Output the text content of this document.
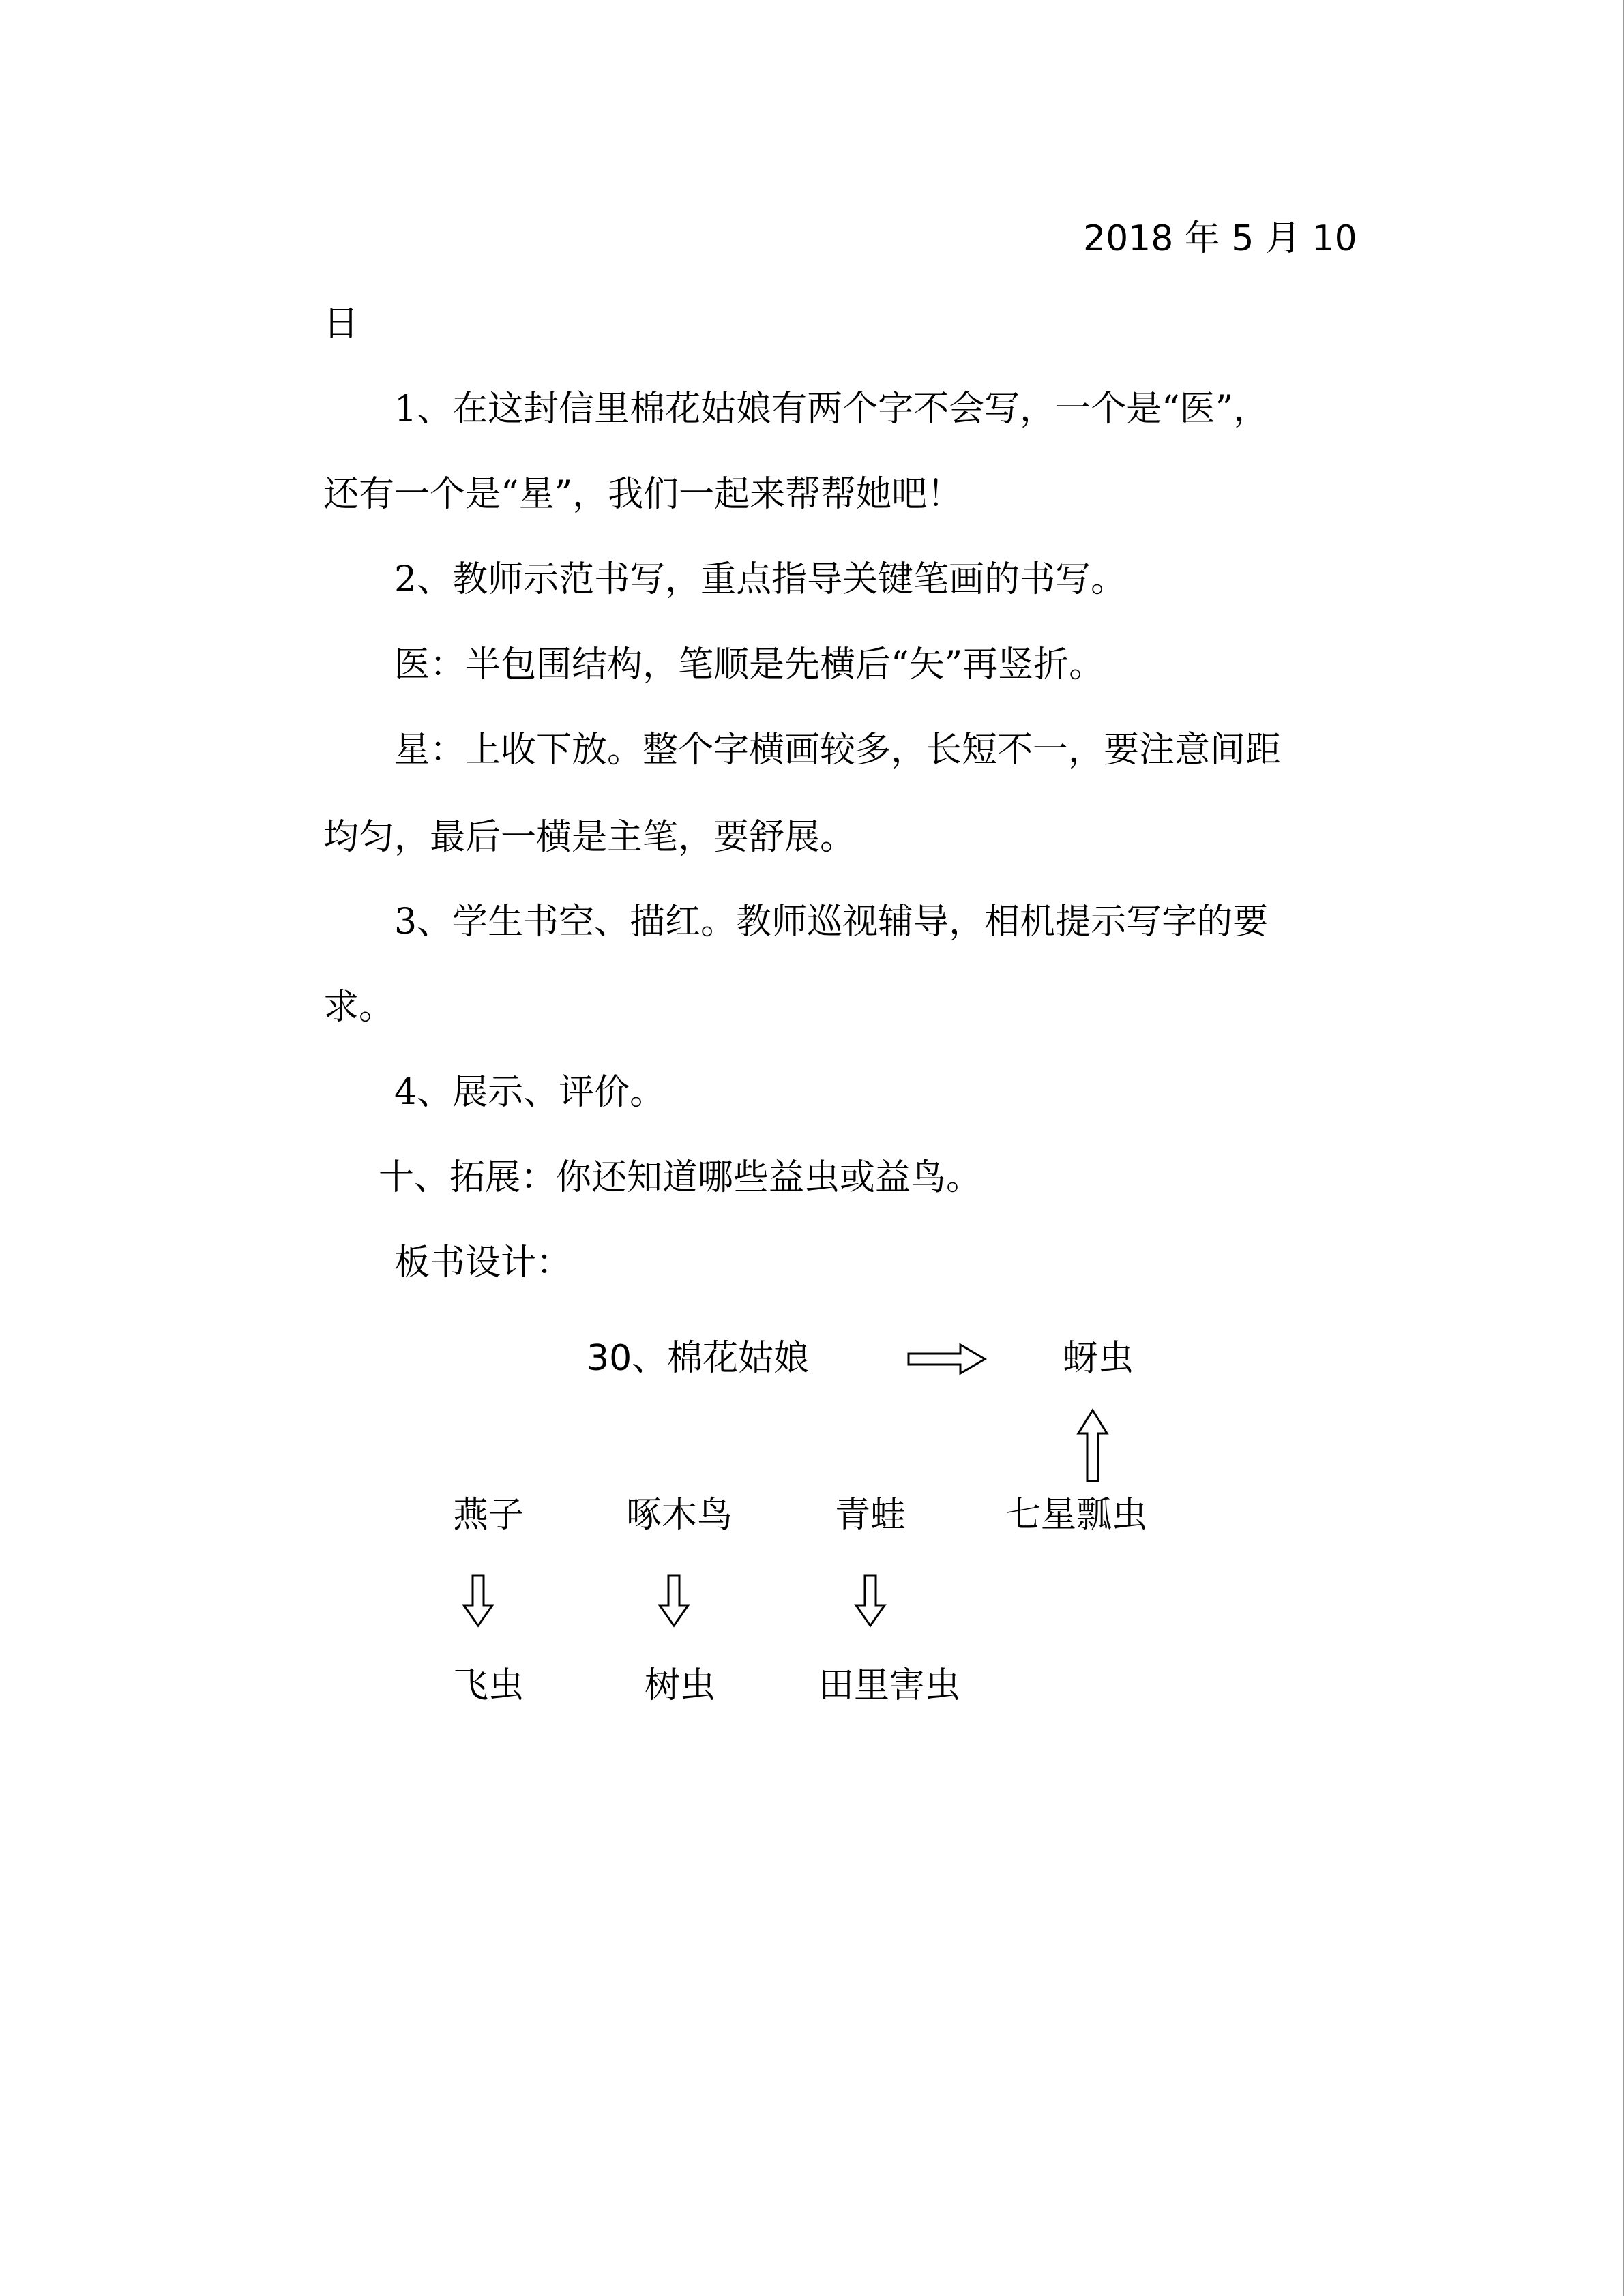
2018 年 5 月 10
日
1、在这封信里棉花姑娘有两个字不会写，一个是“医”，
还有一个是“星”，我们一起来帮帮她吧！
2、教师示范书写，重点指导关键笔画的书写。
医：半包围结构，笔顺是先横后“矢”再竖折。
星：上收下放。整个字横画较多，长短不一，要注意间距
均匀，最后一横是主笔，要舒展。
3、学生书空、描红。教师巡视辅导，相机提示写字的要
求。
4、展示、评价。
十、拓展：你还知道哪些益虫或益鸟。
板书设计：
30、棉花姑娘	蚜虫
燕子	啄木鸟	青蛙	七星瓢虫
飞虫	树虫	田里害虫
